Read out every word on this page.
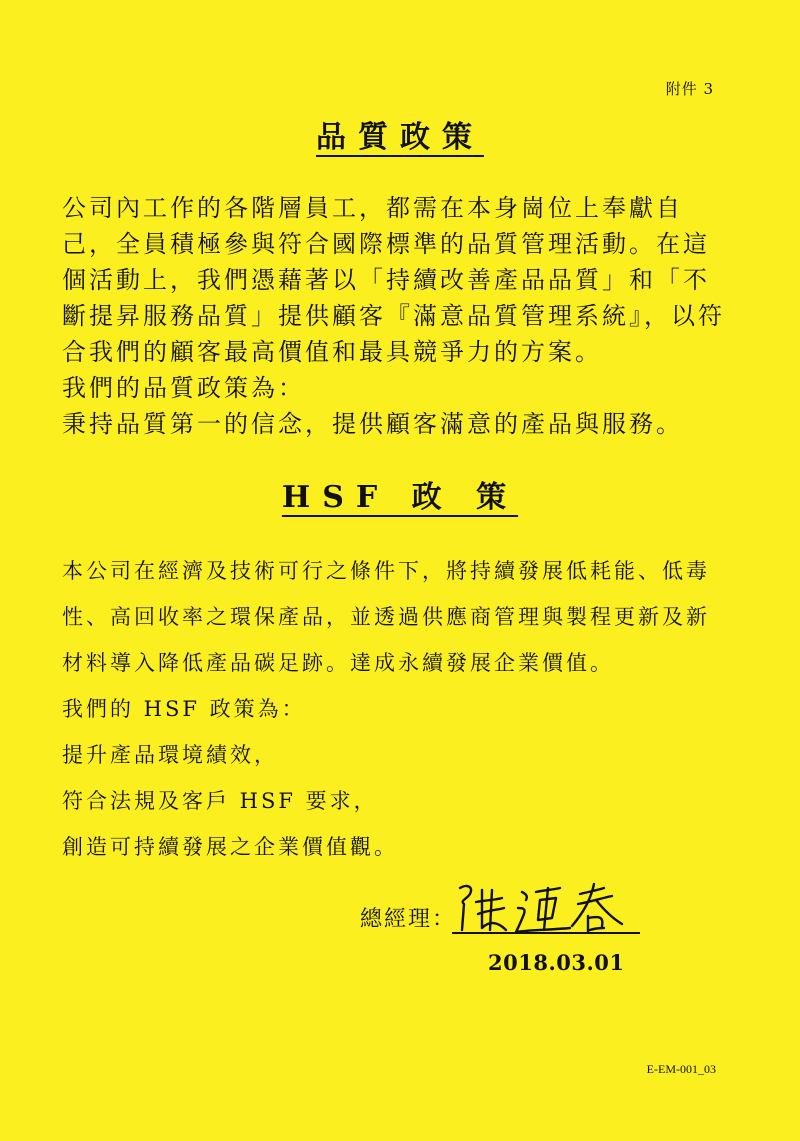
附件 3
品質政策

公司內工作的各階層員工，都需在本身崗位上奉獻自

己，全員積極參與符合國際標準的品質管理活動。在這

個活動上，我們憑藉著以「持續改善產品品質」和「不

斷提昇服務品質」提供顧客『滿意品質管理系統』，以符

合我們的顧客最高價值和最具競爭力的方案。

我們的品質政策為：

秉持品質第一的信念，提供顧客滿意的產品與服務。

HSF 政 策

本公司在經濟及技術可行之條件下，將持續發展低耗能、低毒

性、高回收率之環保產品，並透過供應商管理與製程更新及新

材料導入降低產品碳足跡。達成永續發展企業價值。

我們的 HSF 政策為：

提升產品環境績效，

符合法規及客戶 HSF 要求，

創造可持續發展之企業價值觀。

總經理：
2018.03.01
E-EM-001_03
